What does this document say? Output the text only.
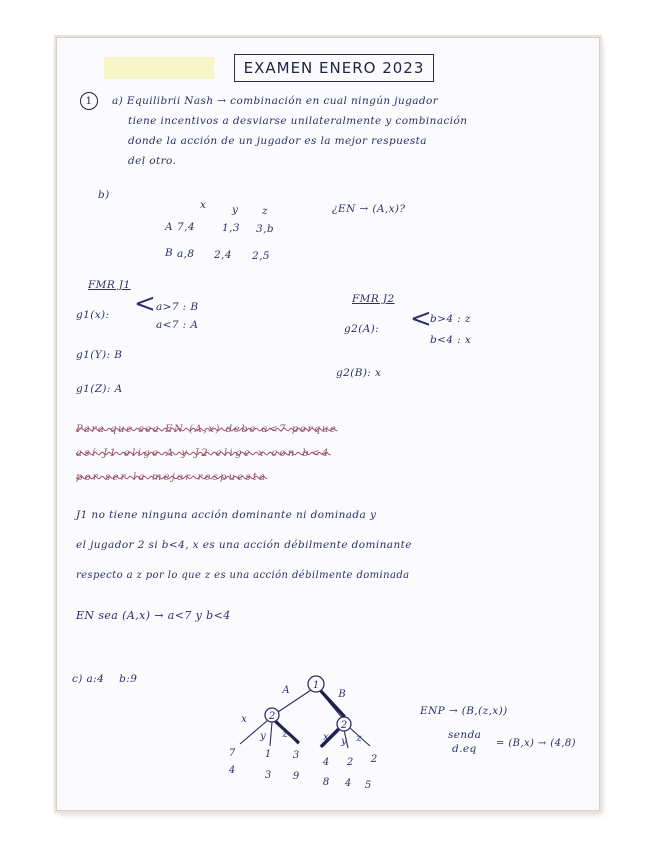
EXAMEN ENERO 2023
1	a) Equilibrii Nash → combinación en cual ningún jugador
tiene incentivos a desviarse unilateralmente y combinación
donde la acción de un jugador es la mejor respuesta
del otro.
b)
x y z
A 7,4	1,3 3,b
B a,8 2,4 2,5
¿EN → (A,x)?
FMR J1
g1(x): < a>7 : B
a<7 : A
g1(Y): B
g1(Z): A
FMR J2
g2(A): <
b>4 : z
b<4 : x
g2(B): x
Para que sea EN (A,x) debe a<7 porque
así J1 elige A y J2 elige x con b<4
por ser la mejor respuesta
J1 no tiene ninguna acción dominante ni dominada y
el jugador 2 si b<4, x es una acción débilmente dominante
respecto a z por lo que z es una acción débilmente dominada
EN sea (A,x) → a<7 y b<4
c) a:4    b:9
1
2
2
A	B
x
y z	x y z
7	1 3
4 2 2
4	3 9
8 4 5
ENP → (B,(z,x))
senda
d.eq = (B,x) → (4,8)
